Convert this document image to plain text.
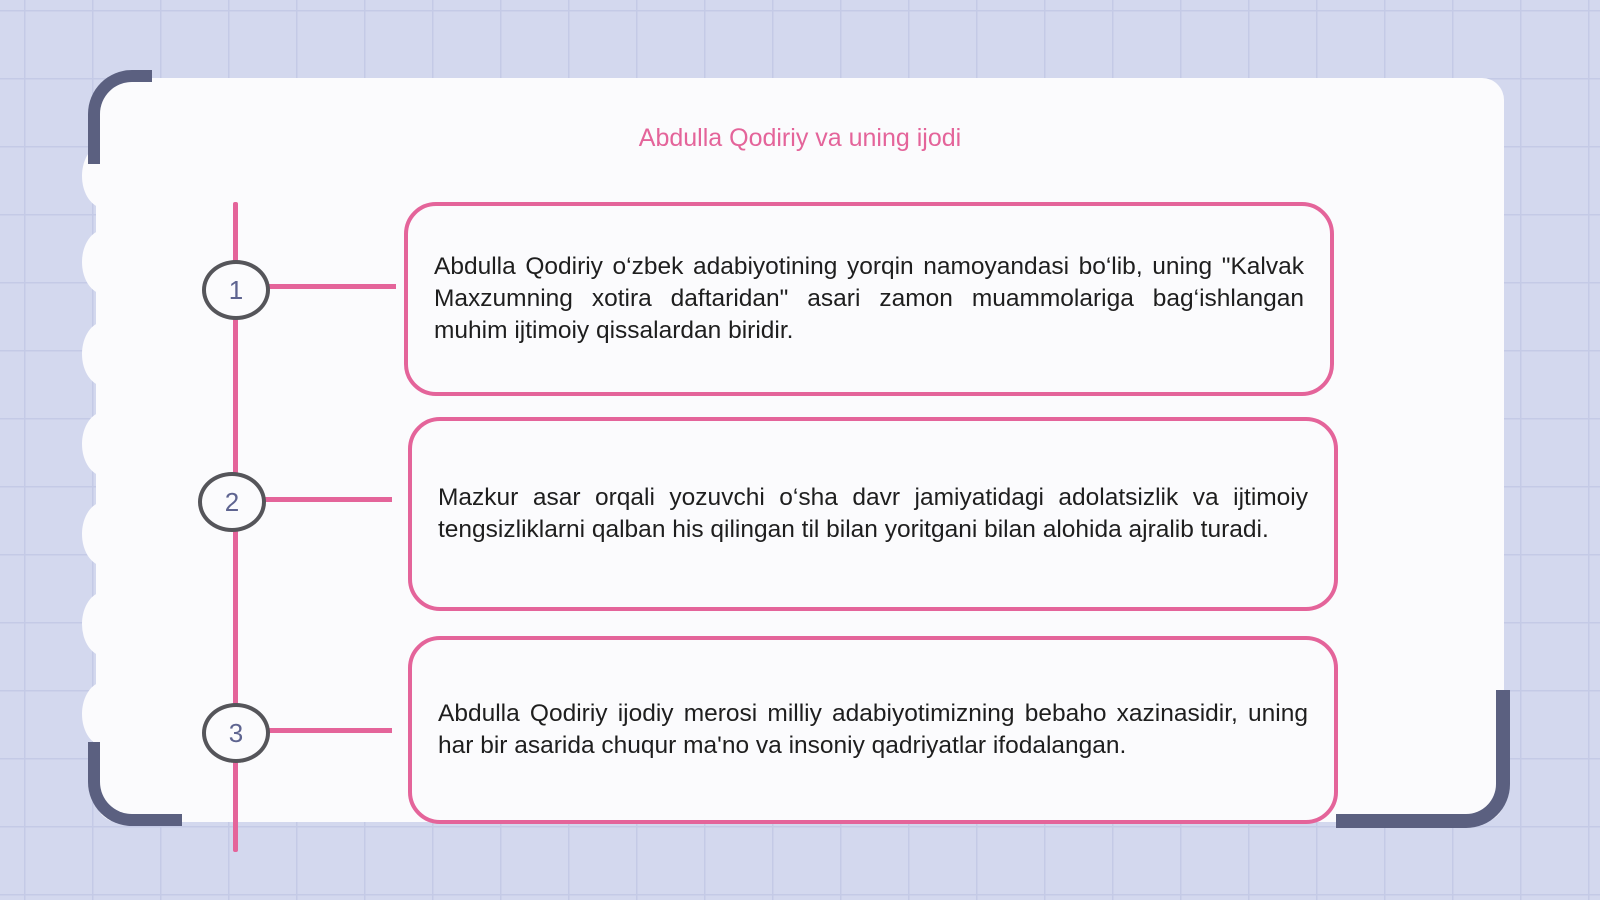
Abdulla Qodiriy va uning ijodi
1
2
3
Abdulla Qodiriy o‘zbek adabiyotining yorqin namoyandasi bo‘lib, uning "Kalvak Maxzumning xotira daftaridan" asari zamon muammolariga bag‘ishlangan muhim ijtimoiy qissalardan biridir.
Mazkur asar orqali yozuvchi o‘sha davr jamiyatidagi adolatsizlik va ijtimoiy tengsizliklarni qalban his qilingan til bilan yoritgani bilan alohida ajralib turadi.
Abdulla Qodiriy ijodiy merosi milliy adabiyotimizning bebaho xazinasidir, uning har bir asarida chuqur ma'no va insoniy qadriyatlar ifodalangan.
